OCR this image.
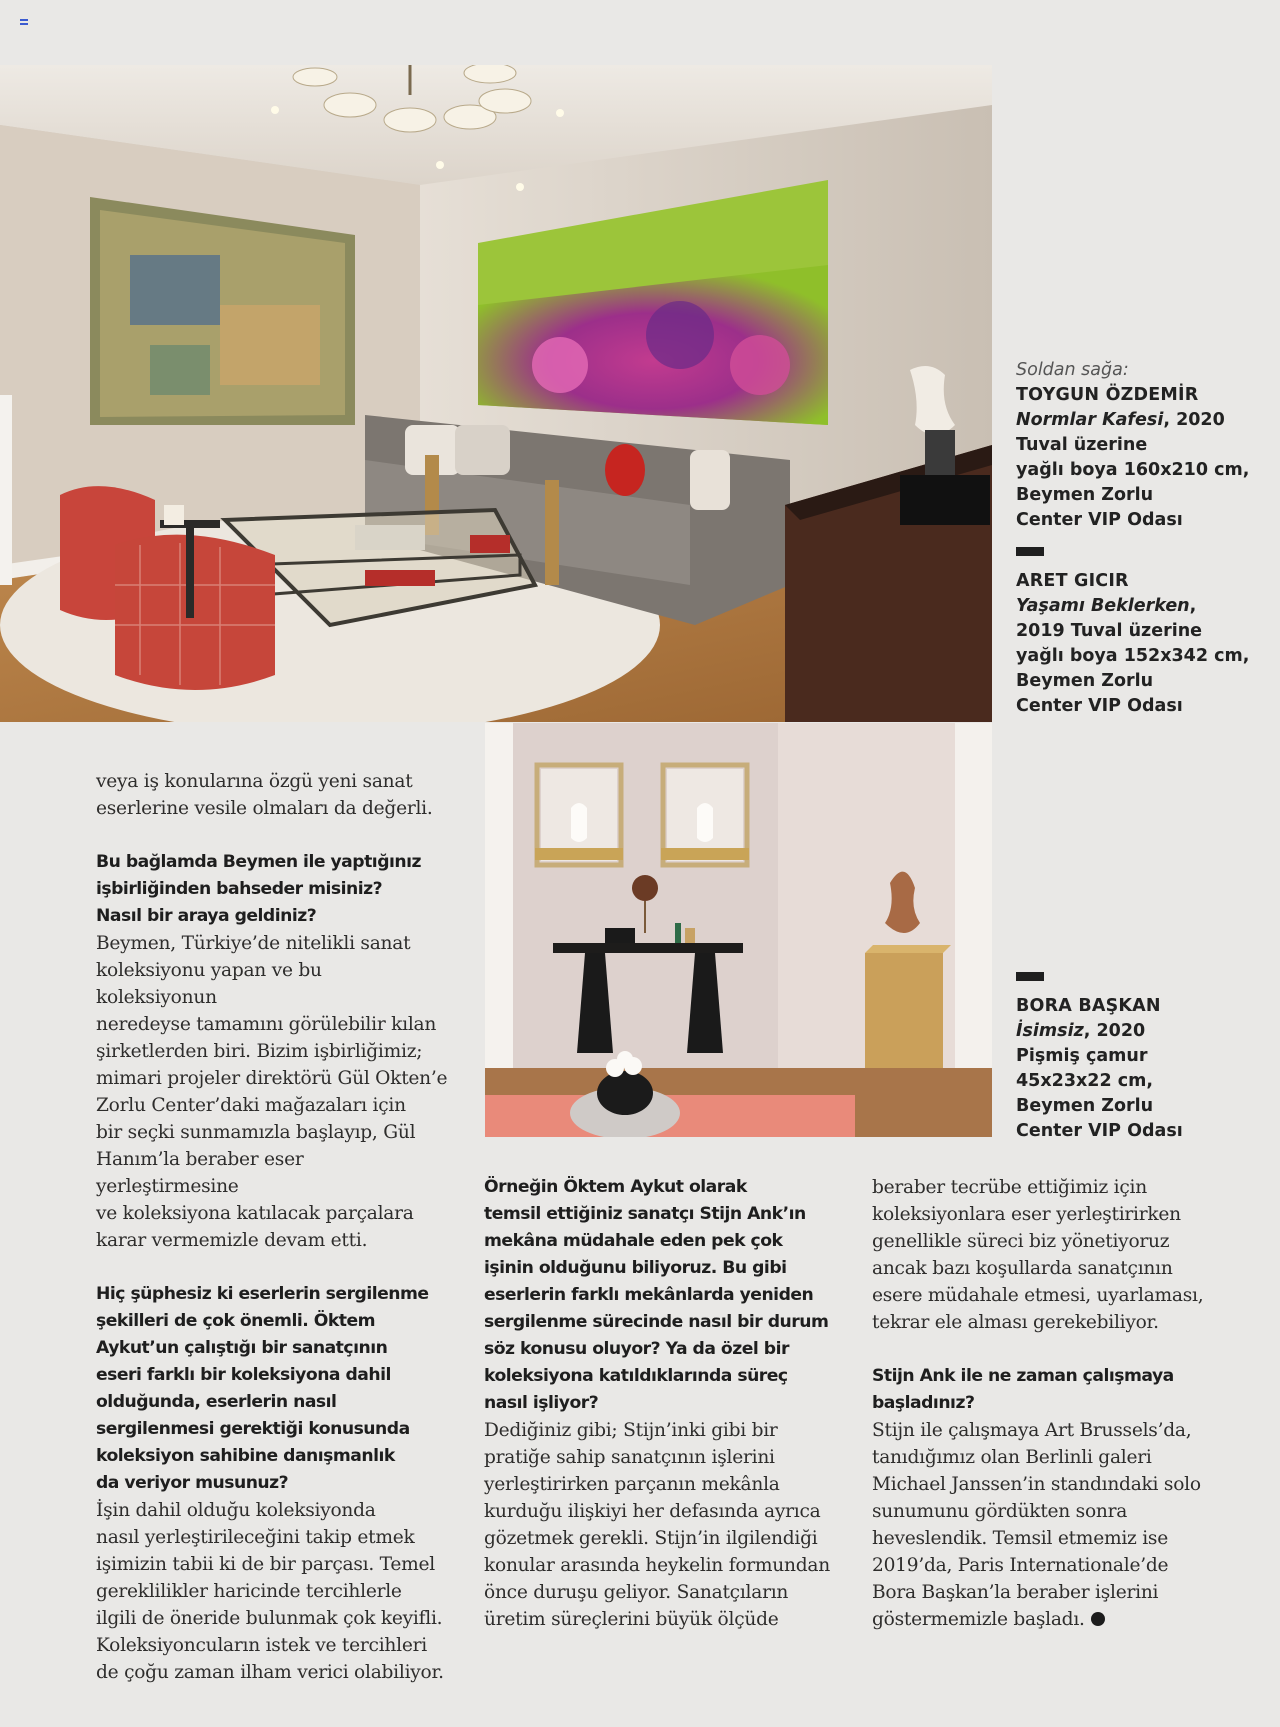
Soldan sağa:
TOYGUN ÖZDEMİR
Normlar Kafesi, 2020
Tuval üzerine
yağlı boya 160x210 cm,
Beymen Zorlu
Center VIP Odası
ARET GICIR
Yaşamı Beklerken,
2019 Tuval üzerine
yağlı boya 152x342 cm,
Beymen Zorlu
Center VIP Odası
BORA BAŞKAN
İsimsiz, 2020
Pişmiş çamur
45x23x22 cm,
Beymen Zorlu
Center VIP Odası
veya iş konularına özgü yeni sanat
eserlerine vesile olmaları da değerli.
Bu bağlamda Beymen ile yaptığınız
işbirliğinden bahseder misiniz?
Nasıl bir araya geldiniz?
Beymen, Türkiye’de nitelikli sanat
koleksiyonu yapan ve bu koleksiyonun
neredeyse tamamını görülebilir kılan
şirketlerden biri. Bizim işbirliğimiz;
mimari projeler direktörü Gül Okten’e
Zorlu Center’daki mağazaları için
bir seçki sunmamızla başlayıp, Gül
Hanım’la beraber eser yerleştirmesine
ve koleksiyona katılacak parçalara
karar vermemizle devam etti.
Hiç şüphesiz ki eserlerin sergilenme
şekilleri de çok önemli. Öktem
Aykut’un çalıştığı bir sanatçının
eseri farklı bir koleksiyona dahil
olduğunda, eserlerin nasıl
sergilenmesi gerektiği konusunda
koleksiyon sahibine danışmanlık
da veriyor musunuz?
İşin dahil olduğu koleksiyonda
nasıl yerleştirileceğini takip etmek
işimizin tabii ki de bir parçası. Temel
gereklilikler haricinde tercihlerle
ilgili de öneride bulunmak çok keyifli.
Koleksiyoncuların istek ve tercihleri
de çoğu zaman ilham verici olabiliyor.
Örneğin Öktem Aykut olarak
temsil ettiğiniz sanatçı Stijn Ank’ın
mekâna müdahale eden pek çok
işinin olduğunu biliyoruz. Bu gibi
eserlerin farklı mekânlarda yeniden
sergilenme sürecinde nasıl bir durum
söz konusu oluyor? Ya da özel bir
koleksiyona katıldıklarında süreç
nasıl işliyor?
Dediğiniz gibi; Stijn’inki gibi bir
pratiğe sahip sanatçının işlerini
yerleştirirken parçanın mekânla
kurduğu ilişkiyi her defasında ayrıca
gözetmek gerekli. Stijn’in ilgilendiği
konular arasında heykelin formundan
önce duruşu geliyor. Sanatçıların
üretim süreçlerini büyük ölçüde
beraber tecrübe ettiğimiz için
koleksiyonlara eser yerleştirirken
genellikle süreci biz yönetiyoruz
ancak bazı koşullarda sanatçının
esere müdahale etmesi, uyarlaması,
tekrar ele alması gerekebiliyor.
Stijn Ank ile ne zaman çalışmaya
başladınız?
Stijn ile çalışmaya Art Brussels’da,
tanıdığımız olan Berlinli galeri
Michael Janssen’in standındaki solo
sunumunu gördükten sonra
heveslendik. Temsil etmemiz ise
2019’da, Paris Internationale’de
Bora Başkan’la beraber işlerini
göstermemizle başladı.
